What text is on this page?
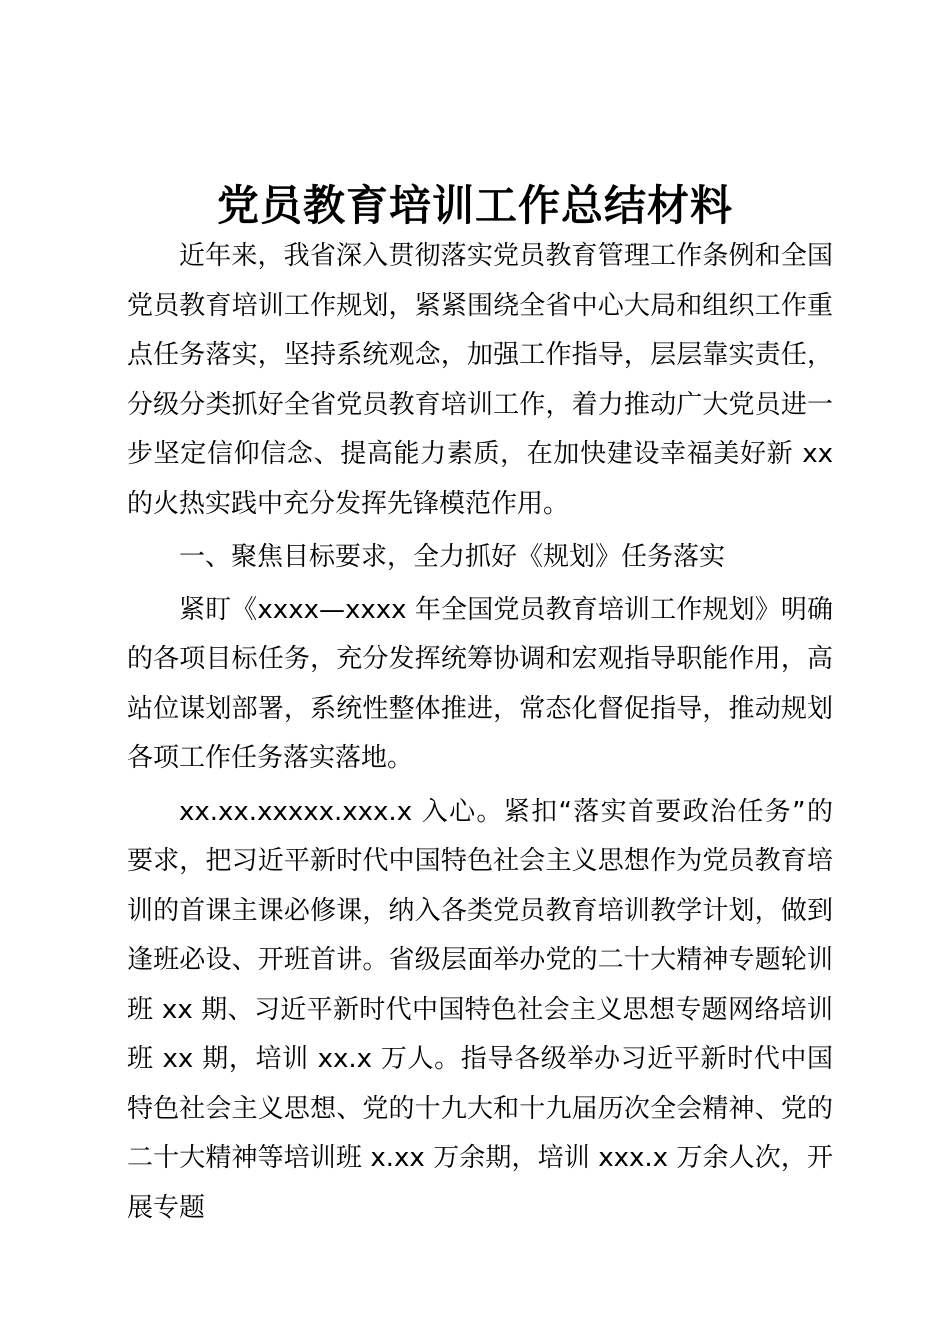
党员教育培训工作总结材料

近年来，我省深入贯彻落实党员教育管理工作条例和全国党员教育培训工作规划，紧紧围绕全省中心大局和组织工作重点任务落实，坚持系统观念，加强工作指导，层层靠实责任，分级分类抓好全省党员教育培训工作，着力推动广大党员进一步坚定信仰信念、提高能力素质，在加快建设幸福美好新 xx 的火热实践中充分发挥先锋模范作用。

一、聚焦目标要求，全力抓好《规划》任务落实

紧盯《xxxx—xxxx 年全国党员教育培训工作规划》明确的各项目标任务，充分发挥统筹协调和宏观指导职能作用，高站位谋划部署，系统性整体推进，常态化督促指导，推动规划各项工作任务落实落地。

xx.xx.xxxxx.xxx.x 入心。紧扣“落实首要政治任务”的要求，把习近平新时代中国特色社会主义思想作为党员教育培训的首课主课必修课，纳入各类党员教育培训教学计划，做到逢班必设、开班首讲。省级层面举办党的二十大精神专题轮训班 xx 期、习近平新时代中国特色社会主义思想专题网络培训班 xx 期，培训 xx.x 万人。指导各级举办习近平新时代中国特色社会主义思想、党的十九大和十九届历次全会精神、党的二十大精神等培训班 x.xx 万余期，培训 xxx.x 万余人次，开展专题
